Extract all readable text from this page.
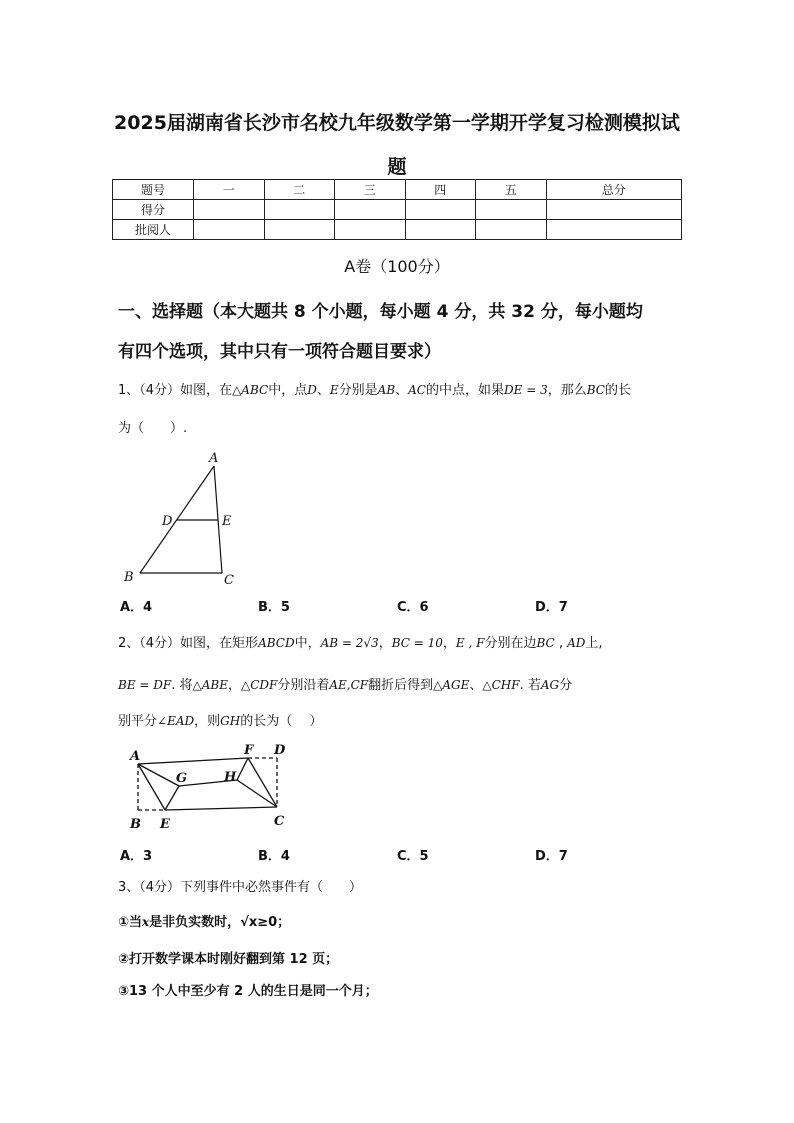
2025届湖南省长沙市名校九年级数学第一学期开学复习检测模拟试
题
题号	一	二	三	四	五	总分
得分						
批阅人						
A卷（100分）
一、选择题（本大题共 8 个小题，每小题 4 分，共 32 分，每小题均
有四个选项，其中只有一项符合题目要求）
1、（4分）如图，在△ABC中，点D、E分别是AB、AC的中点，如果DE = 3，那么BC的长
为（　　）.
A
D	E
B	C
A．4	B．5	C．6	D．7
2、（4分）如图，在矩形ABCD中，AB = 2√3，BC = 10，E , F分别在边BC , AD上,
BE = DF. 将△ABE，△CDF分别沿着AE,CF翻折后得到△AGE、△CHF. 若AG分
别平分∠EAD，则GH的长为（　 ）
A	F D
G	H
B E	C
A．3	B．4	C．5	D．7
3、（4分）下列事件中必然事件有（　　）
①当x是非负实数时，√x≥0；
②打开数学课本时刚好翻到第 12 页；
③13 个人中至少有 2 人的生日是同一个月；
